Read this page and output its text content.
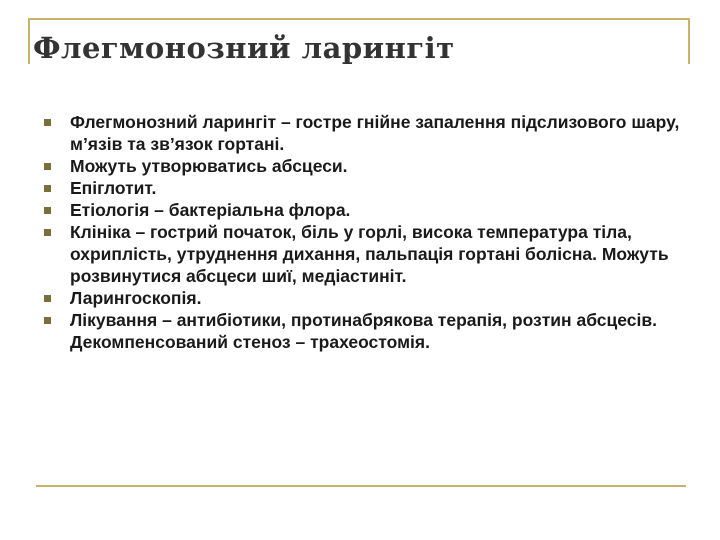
Флегмонозний ларингіт
Флегмонозний ларингіт – гостре гнійне запалення підслизового шару, м’язів та зв’язок гортані.
Можуть утворюватись абсцеси.
Епіглотит.
Етіологія – бактеріальна флора.
Клініка – гострий початок, біль у горлі, висока температура тіла, охриплість, утруднення дихання, пальпація гортані болісна. Можуть розвинутися абсцеси шиї, медіастиніт.
Ларингоскопія.
Лікування – антибіотики, протинабрякова терапія, розтин абсцесів. Декомпенсований стеноз – трахеостомія.
